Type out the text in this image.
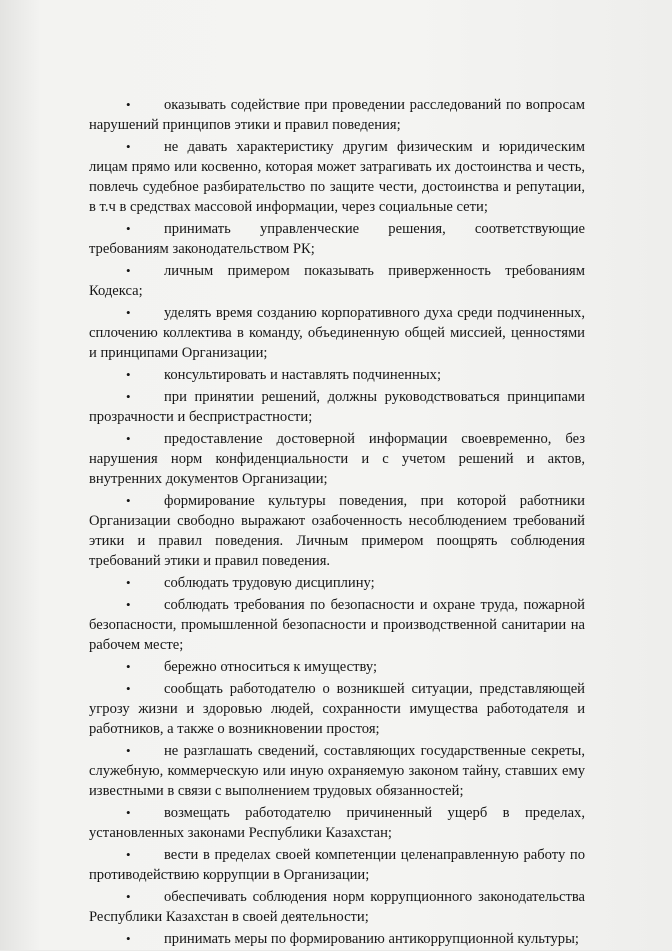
• оказывать содействие при проведении расследований по вопросам нарушений принципов этики и правил поведения;

• не давать характеристику другим физическим и юридическим лицам прямо или косвенно, которая может затрагивать их достоинства и честь, повлечь судебное разбирательство по защите чести, достоинства и репутации, в т.ч в средствах массовой информации, через социальные сети;

• принимать управленческие решения, соответствующие требованиям законодательством РК;

• личным примером показывать приверженность требованиям Кодекса;

• уделять время созданию корпоративного духа среди подчиненных, сплочению коллектива в команду, объединенную общей миссией, ценностями и принципами Организации;

• консультировать и наставлять подчиненных;

• при принятии решений, должны руководствоваться принципами прозрачности и беспристрастности;

• предоставление достоверной информации своевременно, без нарушения норм конфиденциальности и с учетом решений и актов, внутренних документов Организации;

• формирование культуры поведения, при которой работники Организации свободно выражают озабоченность несоблюдением требований этики и правил поведения. Личным примером поощрять соблюдения требований этики и правил поведения.

• соблюдать трудовую дисциплину;

• соблюдать требования по безопасности и охране труда, пожарной безопасности, промышленной безопасности и производственной санитарии на рабочем месте;

• бережно относиться к имуществу;

• сообщать работодателю о возникшей ситуации, представляющей угрозу жизни и здоровью людей, сохранности имущества работодателя и работников, а также о возникновении простоя;

• не разглашать сведений, составляющих государственные секреты, служебную, коммерческую или иную охраняемую законом тайну, ставших ему известными в связи с выполнением трудовых обязанностей;

• возмещать работодателю причиненный ущерб в пределах, установленных законами Республики Казахстан;

• вести в пределах своей компетенции целенаправленную работу по противодействию коррупции в Организации;

• обеспечивать соблюдения норм коррупционного законодательства Республики Казахстан в своей деятельности;

• принимать меры по формированию антикоррупционной культуры;
